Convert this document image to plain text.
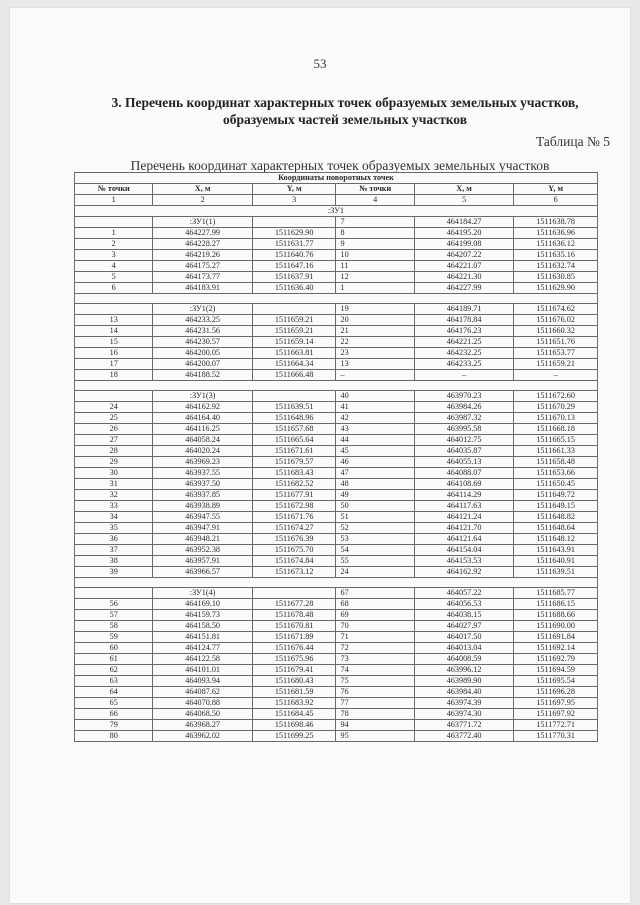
53
3. Перечень координат характерных точек образуемых земельных участков, образуемых частей земельных участков
Таблица № 5
Перечень координат характерных точек образуемых земельных участков
Координаты поворотных точек					
№ точки	X, м	Y, м	№ точки	X, м	Y, м
1	2	3	4	5	6
:ЗУ1					
	:ЗУ1(1)		7	464184.27	1511638.78
1	464227.99	1511629.90	8	464195.20	1511636.96
2	464228.27	1511631.77	9	464199.08	1511636.12
3	464219.26	1511640.76	10	464207.22	1511635.16
4	464175.27	1511647.16	11	464221.07	1511632.74
5	464173.77	1511637.91	12	464221.30	1511630.85
6	464183.91	1511636.40	1	464227.99	1511629.90

	:ЗУ1(2)		19	464189.71	1511674.62
13	464233.25	1511659.21	20	464178.84	1511676.02
14	464231.56	1511659.21	21	464176.23	1511660.32
15	464230.57	1511659.14	22	464221.25	1511651.76
16	464200.05	1511663.81	23	464232.25	1511653.77
17	464200.07	1511664.34	13	464233.25	1511659.21
18	464188.52	1511666.48	–	–	–

	:ЗУ1(3)		40	463970.23	1511672.60
24	464162.92	1511639.51	41	463984.26	1511670.29
25	464164.40	1511648.96	42	463987.32	1511670.13
26	464116.25	1511657.68	43	463995.58	1511668.18
27	464058.24	1511665.64	44	464012.75	1511665.15
28	464020.24	1511671.61	45	464035.87	1511661.33
29	463969.23	1511679.57	46	464055.13	1511658.48
30	463937.55	1511683.43	47	464088.07	1511653.66
31	463937.50	1511682.52	48	464108.69	1511650.45
32	463937.85	1511677.91	49	464114.29	1511649.72
33	463938.89	1511672.98	50	464117.63	1511649.15
34	463947.55	1511671.76	51	464121.24	1511648.82
35	463947.91	1511674.27	52	464121.70	1511648.64
36	463948.21	1511676.39	53	464121.64	1511648.12
37	463952.38	1511675.70	54	464154.04	1511643.91
38	463957.91	1511674.84	55	464153.53	1511640.91
39	463966.57	1511673.12	24	464162.92	1511639.51

	:ЗУ1(4)		67	464057.22	1511685.77
56	464169.10	1511677.28	68	464056.53	1511686.15
57	464159.73	1511678.48	69	464038.15	1511688.66
58	464158.50	1511670.81	70	464027.97	1511690.00
59	464151.81	1511671.89	71	464017.50	1511691.84
60	464124.77	1511676.44	72	464013.04	1511692.14
61	464122.58	1511675.96	73	464008.59	1511692.79
62	464101.01	1511679.41	74	463996.12	1511694.59
63	464093.94	1511680.43	75	463989.90	1511695.54
64	464087.62	1511681.59	76	463984.40	1511696.28
65	464070.88	1511683.92	77	463974.39	1511697.95
66	464068.50	1511684.45	78	463974.30	1511697.92
79	463968.27	1511698.46	94	463771.72	1511772.71
80	463962.02	1511699.25	95	463772.40	1511770.31
